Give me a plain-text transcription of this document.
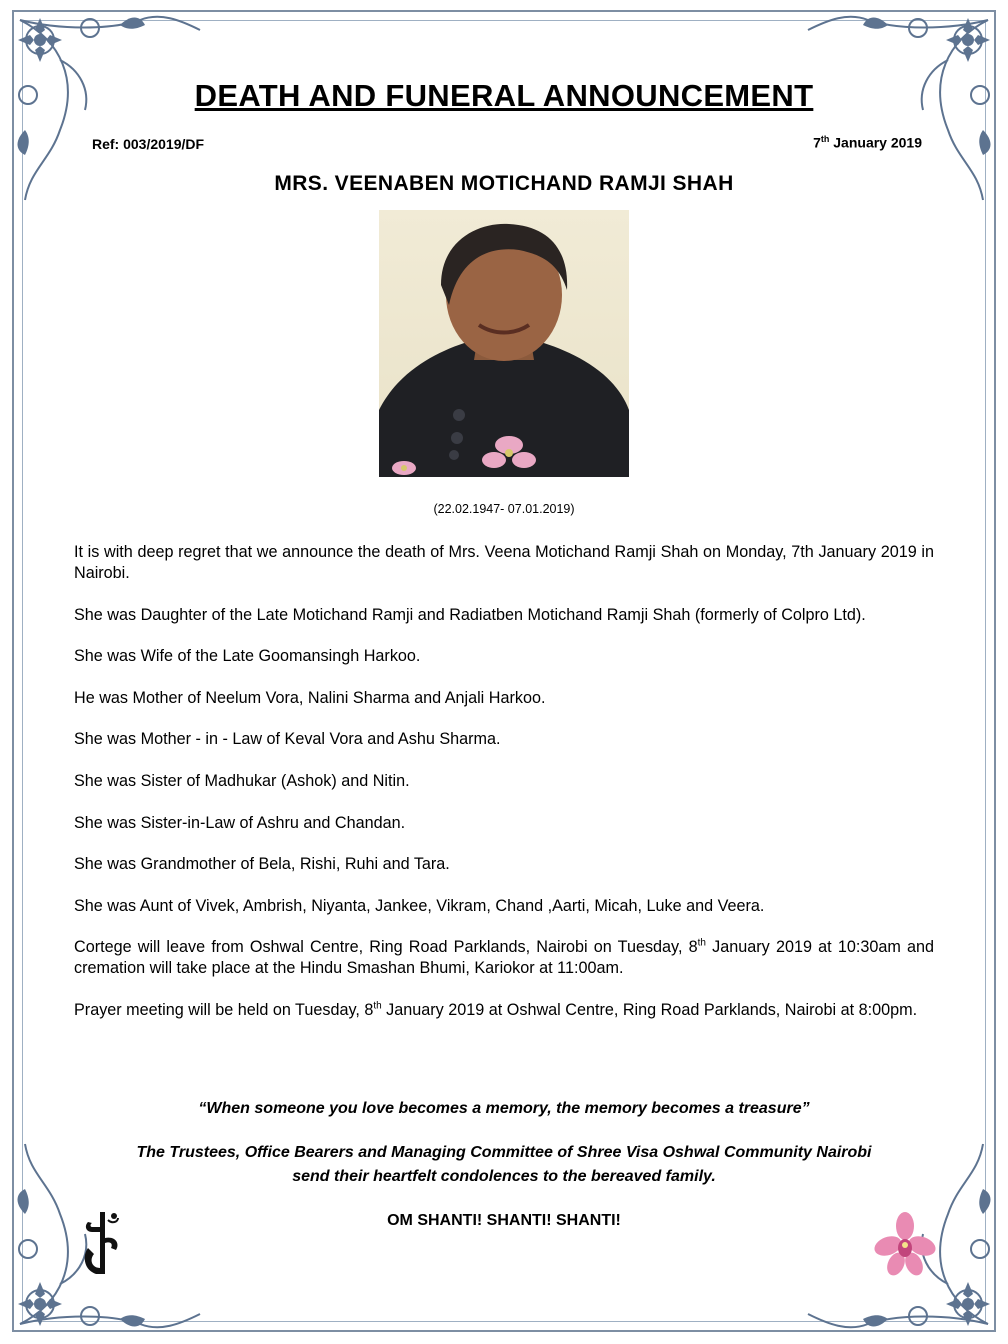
DEATH AND FUNERAL ANNOUNCEMENT
Ref: 003/2019/DF	7th January 2019
MRS. VEENABEN MOTICHAND RAMJI SHAH
(22.02.1947- 07.01.2019)

It is with deep regret that we announce the death of Mrs. Veena Motichand Ramji Shah on Monday, 7th January 2019 in Nairobi.

She was Daughter of the Late Motichand Ramji and Radiatben Motichand Ramji Shah (formerly of Colpro Ltd).

She was Wife of the Late Goomansingh Harkoo.

He was Mother of Neelum Vora, Nalini Sharma and Anjali Harkoo.

She was Mother - in - Law of Keval Vora and Ashu Sharma.

She was Sister of Madhukar (Ashok) and Nitin.

She was Sister-in-Law of Ashru and Chandan.

She was Grandmother of Bela, Rishi, Ruhi and Tara.

She was Aunt of Vivek, Ambrish, Niyanta, Jankee, Vikram, Chand ,Aarti, Micah, Luke and Veera.

Cortege will leave from Oshwal Centre, Ring Road Parklands, Nairobi on Tuesday, 8th January 2019 at 10:30am and cremation will take place at the Hindu Smashan Bhumi, Kariokor at 11:00am.

Prayer meeting will be held on Tuesday, 8th January 2019 at Oshwal Centre, Ring Road Parklands, Nairobi at 8:00pm.

“When someone you love becomes a memory, the memory becomes a treasure”
The Trustees, Office Bearers and Managing Committee of Shree Visa Oshwal Community Nairobi
send their heartfelt condolences to the bereaved family.
OM SHANTI! SHANTI! SHANTI!
